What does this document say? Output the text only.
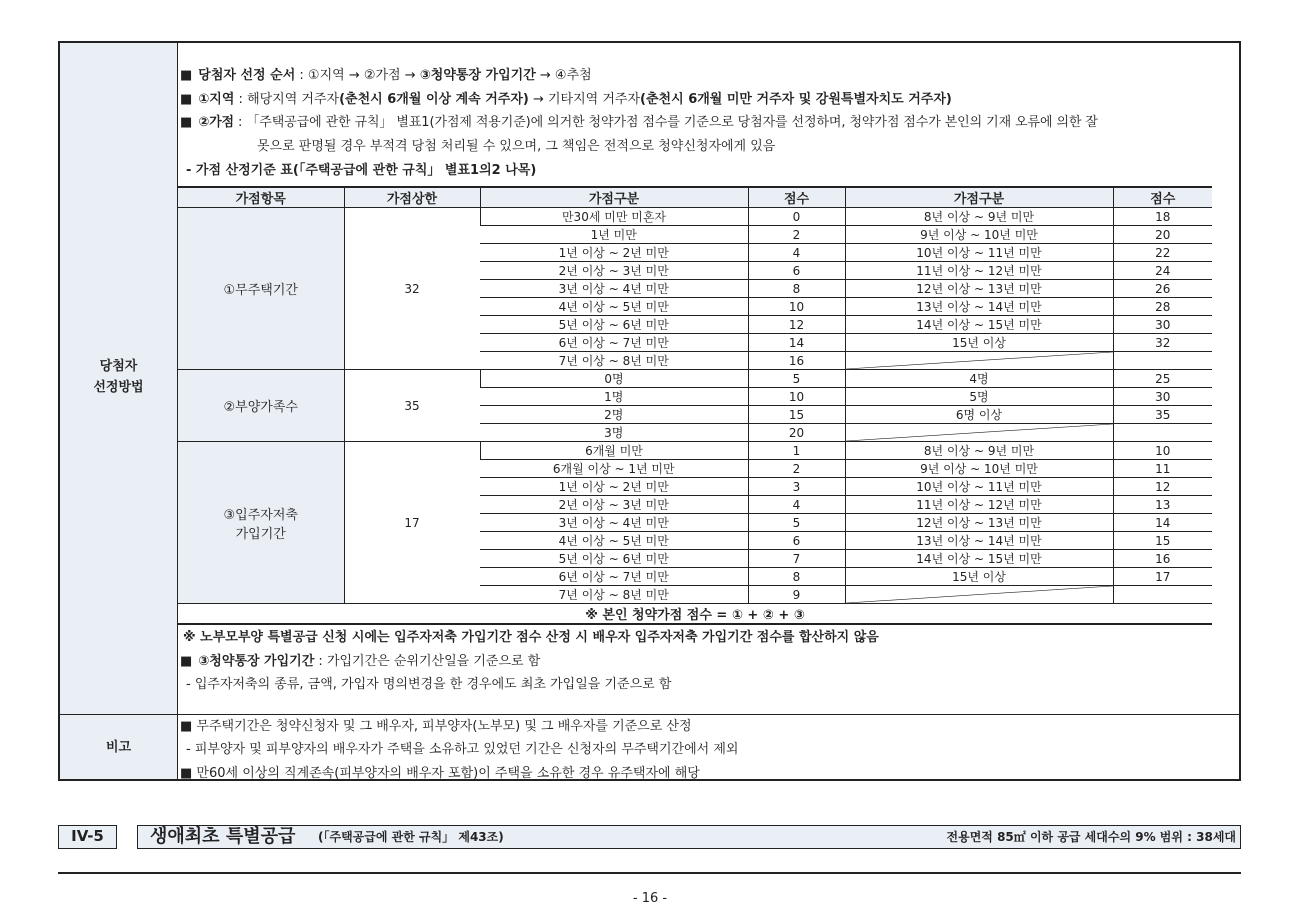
당첨자
선정방법
비고
■ 당첨자 선정 순서 : ①지역 → ②가점 → ③청약통장 가입기간 → ④추첨
■ ①지역 : 해당지역 거주자(춘천시 6개월 이상 계속 거주자) → 기타지역 거주자(춘천시 6개월 미만 거주자 및 강원특별자치도 거주자)
■ ②가점 : 「주택공급에 관한 규칙」 별표1(가점제 적용기준)에 의거한 청약가점 점수를 기준으로 당첨자를 선정하며, 청약가점 점수가 본인의 기재 오류에 의한 잘
못으로 판명될 경우 부적격 당첨 처리될 수 있으며, 그 책임은 전적으로 청약신청자에게 있음
- 가점 산정기준 표(「주택공급에 관한 규칙」 별표1의2 나목)
가점항목	가점상한	가점구분	점수	가점구분	점수
①무주택기간	32	만30세 미만 미혼자	0	8년 이상 ~ 9년 미만	18
		1년 미만	2	9년 이상 ~ 10년 미만	20
		1년 이상 ~ 2년 미만	4	10년 이상 ~ 11년 미만	22
		2년 이상 ~ 3년 미만	6	11년 이상 ~ 12년 미만	24
		3년 이상 ~ 4년 미만	8	12년 이상 ~ 13년 미만	26
		4년 이상 ~ 5년 미만	10	13년 이상 ~ 14년 미만	28
		5년 이상 ~ 6년 미만	12	14년 이상 ~ 15년 미만	30
		6년 이상 ~ 7년 미만	14	15년 이상	32
		7년 이상 ~ 8년 미만	16	

②부양가족수	35	0명	5	4명	25
		1명	10	5명	30
		2명	15	6명 이상	35
		3명	20	

③입주자저축
가입기간	17	6개월 미만	1	8년 이상 ~ 9년 미만	10
		6개월 이상 ~ 1년 미만	2	9년 이상 ~ 10년 미만	11
		1년 이상 ~ 2년 미만	3	10년 이상 ~ 11년 미만	12
		2년 이상 ~ 3년 미만	4	11년 이상 ~ 12년 미만	13
		3년 이상 ~ 4년 미만	5	12년 이상 ~ 13년 미만	14
		4년 이상 ~ 5년 미만	6	13년 이상 ~ 14년 미만	15
		5년 이상 ~ 6년 미만	7	14년 이상 ~ 15년 미만	16
		6년 이상 ~ 7년 미만	8	15년 이상	17
		7년 이상 ~ 8년 미만	9	

※ 본인 청약가점 점수 = ① + ② + ③					
※ 노부모부양 특별공급 신청 시에는 입주자저축 가입기간 점수 산정 시 배우자 입주자저축 가입기간 점수를 합산하지 않음
■ ③청약통장 가입기간 : 가입기간은 순위기산일을 기준으로 함
- 입주자저축의 종류, 금액, 가입자 명의변경을 한 경우에도 최초 가입일을 기준으로 함
■ 무주택기간은 청약신청자 및 그 배우자, 피부양자(노부모) 및 그 배우자를 기준으로 산정
- 피부양자 및 피부양자의 배우자가 주택을 소유하고 있었던 기간은 신청자의 무주택기간에서 제외
■ 만60세 이상의 직계존속(피부양자의 배우자 포함)이 주택을 소유한 경우 유주택자에 해당
IV-5	생애최초 특별공급 (「주택공급에 관한 규칙」 제43조)	전용면적 85㎡ 이하 공급 세대수의 9% 범위 : 38세대
- 16 -
